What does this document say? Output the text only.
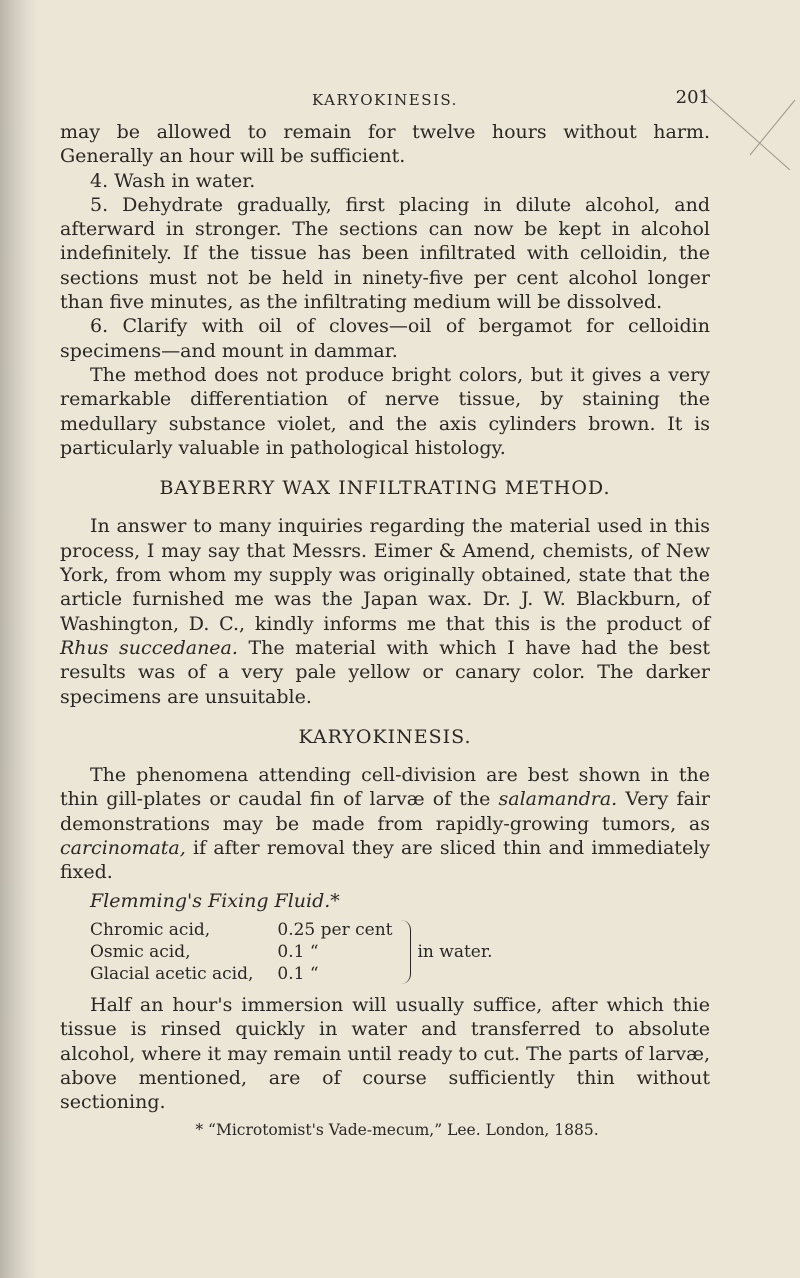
KARYOKINESIS.	201

may be allowed to remain for twelve hours without harm. Generally an hour will be sufficient.

4. Wash in water.

5. Dehydrate gradually, first placing in dilute alcohol, and afterward in stronger. The sections can now be kept in alcohol indefinitely. If the tissue has been infiltrated with celloidin, the sections must not be held in ninety-five per cent alcohol longer than five minutes, as the infiltrating medium will be dissolved.

6. Clarify with oil of cloves—oil of bergamot for celloidin specimens—and mount in dammar.

The method does not produce bright colors, but it gives a very remarkable differentiation of nerve tissue, by staining the medullary substance violet, and the axis cylinders brown. It is particularly valuable in pathological histology.

BAYBERRY WAX INFILTRATING METHOD.

In answer to many inquiries regarding the material used in this process, I may say that Messrs. Eimer & Amend, chemists, of New York, from whom my supply was originally obtained, state that the article furnished me was the Japan wax. Dr. J. W. Blackburn, of Washington, D. C., kindly informs me that this is the product of Rhus succedanea. The material with which I have had the best results was of a very pale yellow or canary color. The darker specimens are unsuitable.

KARYOKINESIS.

The phenomena attending cell-division are best shown in the thin gill-plates or caudal fin of larvæ of the salamandra. Very fair demonstrations may be made from rapidly-growing tumors, as carcinomata, if after removal they are sliced thin and immediately fixed.

Flemming's Fixing Fluid.*
Chromic acid,	0.25 per cent
Osmic acid,	0.1 “
Glacial acetic acid,	0.1 “
in water.

Half an hour's immersion will usually suffice, after which thie tissue is rinsed quickly in water and transferred to absolute alcohol, where it may remain until ready to cut. The parts of larvæ, above mentioned, are of course sufficiently thin without sectioning.

* “Microtomist's Vade-mecum,” Lee. London, 1885.
